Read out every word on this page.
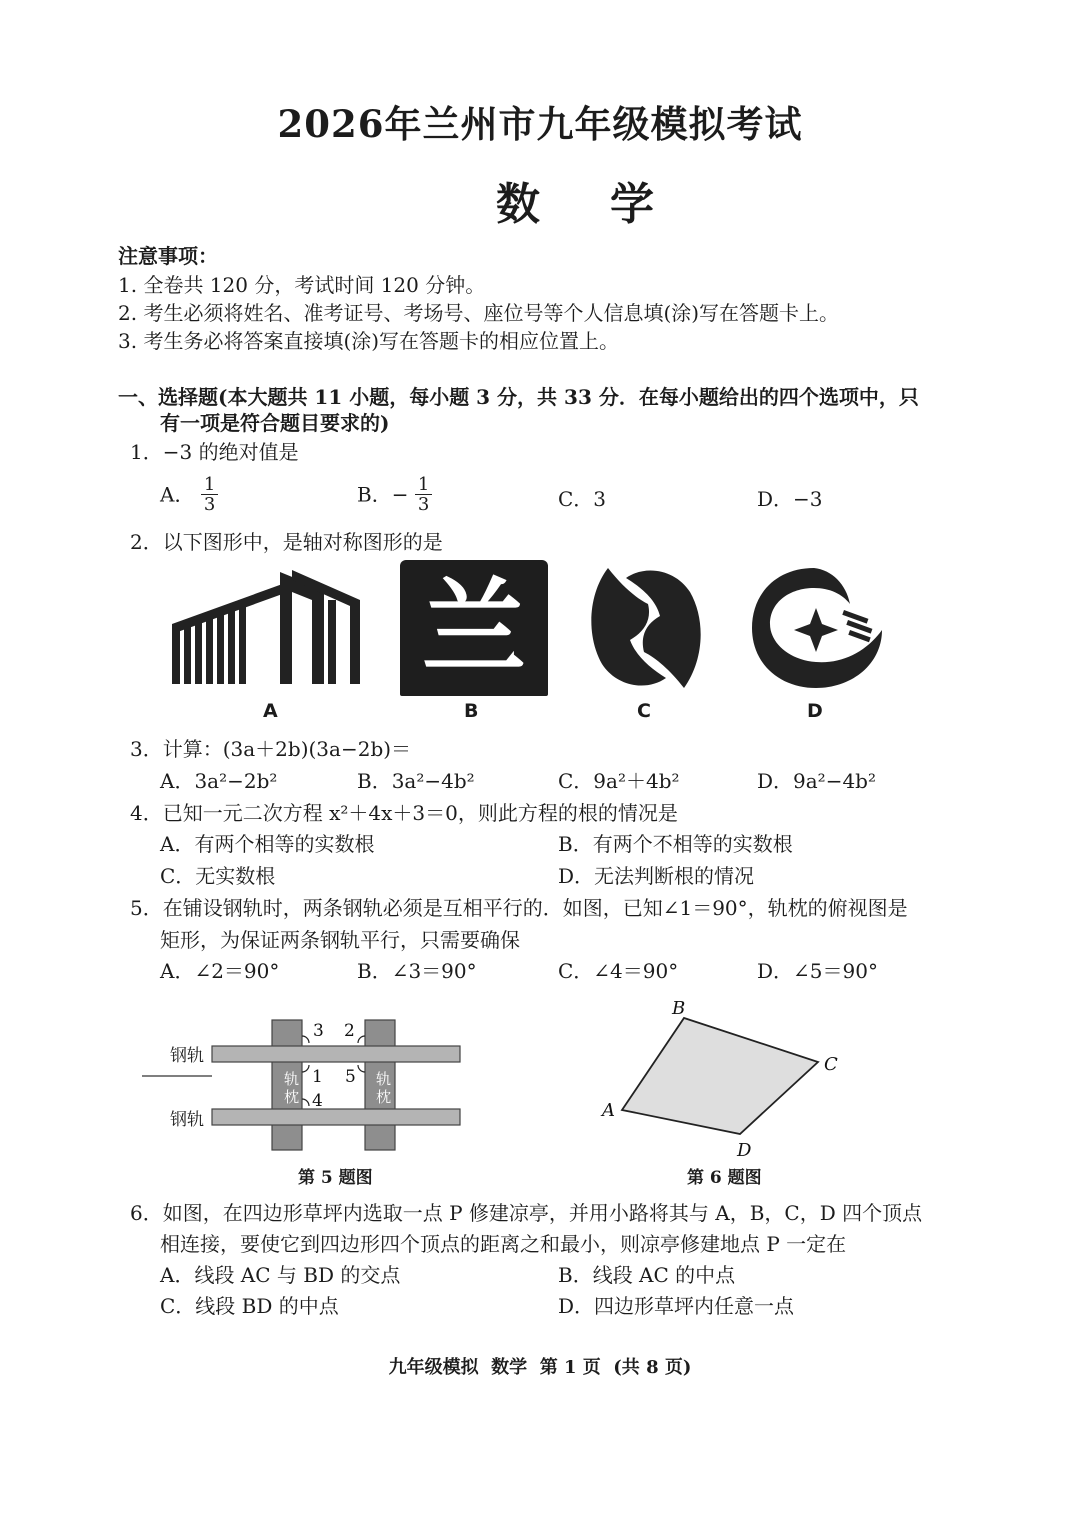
2026年兰州市九年级模拟考试
数学
注意事项：
1. 全卷共 120 分，考试时间 120 分钟。
2. 考生必须将姓名、准考证号、考场号、座位号等个人信息填(涂)写在答题卡上。
3. 考生务必将答案直接填(涂)写在答题卡的相应位置上。
一、选择题(本大题共 11 小题，每小题 3 分，共 33 分．在每小题给出的四个选项中，只
有一项是符合题目要求的)
1．−3 的绝对值是
A． $\frac{1}{3}$	B．− $\frac{1}{3}$	C．3	D．−3
2．以下图形中，是轴对称图形的是
兰
A	B	C	D
3．计算：(3a＋2b)(3a−2b)＝
A．3a²−2b²	B．3a²−4b²	C．9a²＋4b²	D．9a²−4b²
4．已知一元二次方程 x²＋4x＋3＝0，则此方程的根的情况是
A．有两个相等的实数根	B．有两个不相等的实数根
C．无实数根	D．无法判断根的情况
5．在铺设钢轨时，两条钢轨必须是互相平行的．如图，已知∠1＝90°，轨枕的俯视图是
矩形，为保证两条钢轨平行，只需要确保
A．∠2＝90°	B．∠3＝90°	C．∠4＝90°	D．∠5＝90°
轨
枕
轨
枕
1
2
3
4
5
钢轨
钢轨
第 5 题图
A
B
C
D
第 6 题图
6．如图，在四边形草坪内选取一点 P 修建凉亭，并用小路将其与 A，B，C，D 四个顶点
相连接，要使它到四边形四个顶点的距离之和最小，则凉亭修建地点 P 一定在
A．线段 AC 与 BD 的交点	B．线段 AC 的中点
C．线段 BD 的中点	D．四边形草坪内任意一点
九年级模拟  数学  第 1 页  (共 8 页)
